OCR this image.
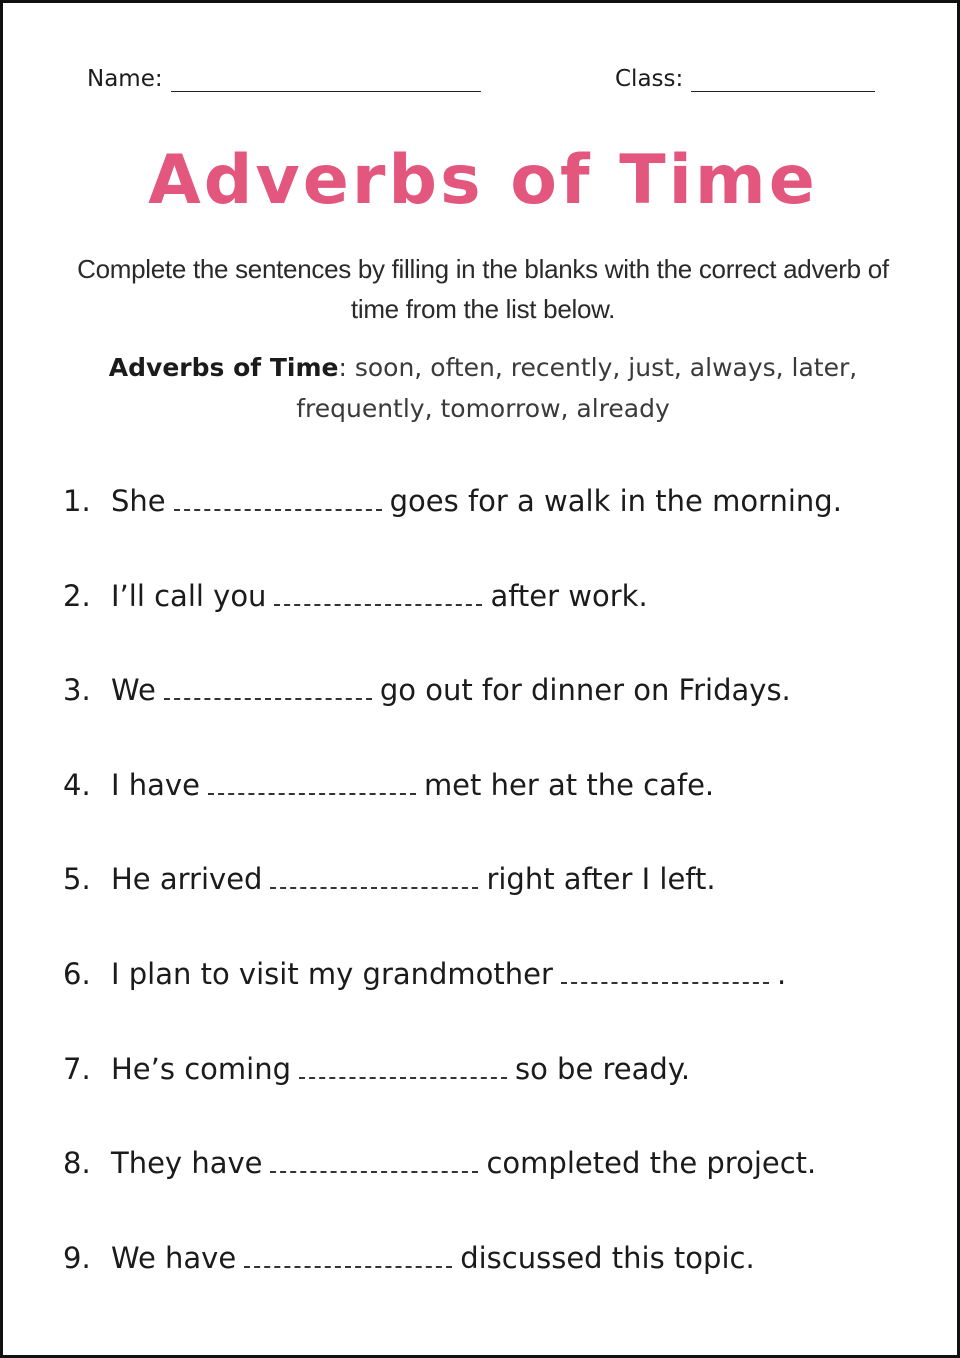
Name:	Class:
Adverbs of Time
Complete the sentences by filling in the blanks with the correct adverb of time from the list below.
Adverbs of Time: soon, often, recently, just, always, later, frequently, tomorrow, already
1. She	goes for a walk in the morning.
2. I’ll call you	after work.
3. We	go out for dinner on Fridays.
4. I have	met her at the cafe.
5. He arrived	right after I left.
6. I plan to visit my grandmother	.
7. He’s coming	so be ready.
8. They have	completed the project.
9. We have	discussed this topic.
